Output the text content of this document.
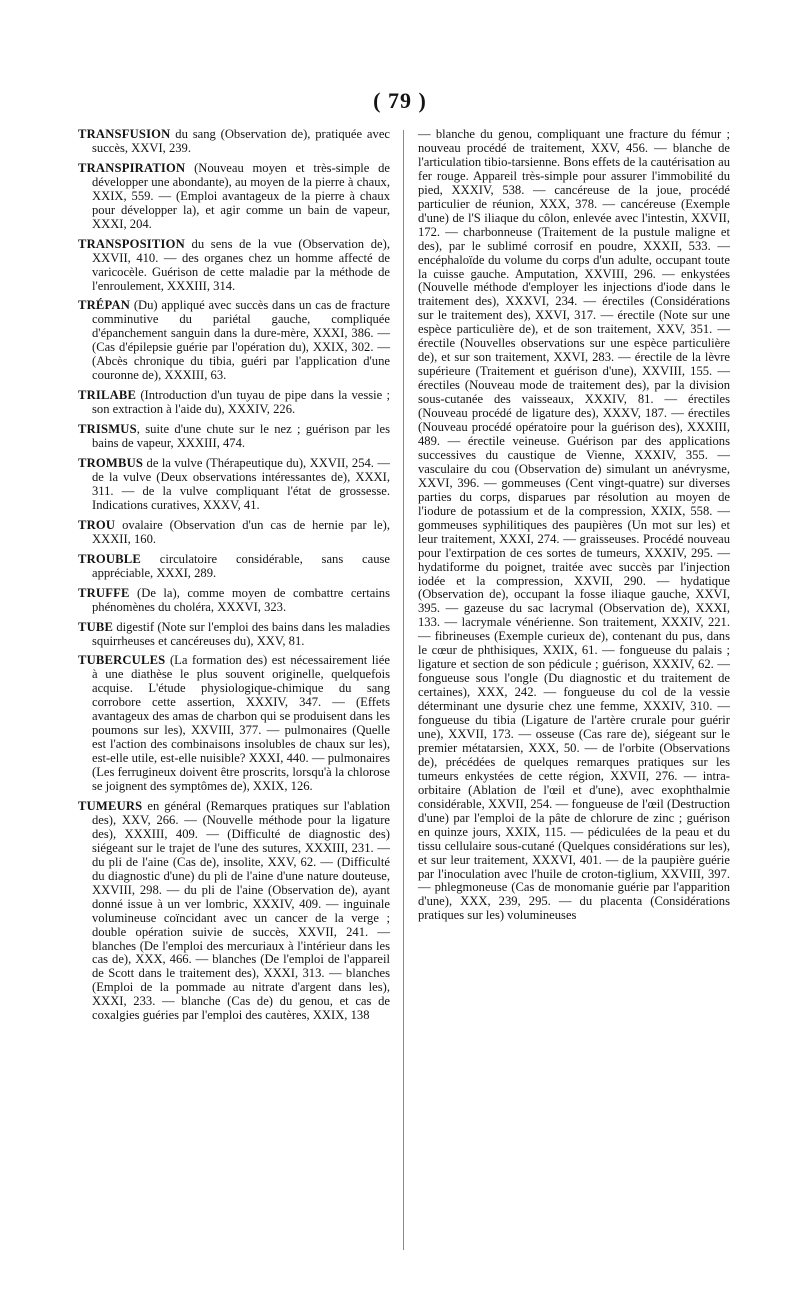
( 79 )

TRANSFUSION du sang (Observation de), pratiquée avec succès, XXVI, 239.

TRANSPIRATION (Nouveau moyen et très-simple de développer une abondante), au moyen de la pierre à chaux, XXIX, 559. — (Emploi avantageux de la pierre à chaux pour développer la), et agir comme un bain de vapeur, XXXI, 204.

TRANSPOSITION du sens de la vue (Observation de), XXVII, 410. — des organes chez un homme affecté de varicocèle. Guérison de cette maladie par la méthode de l'enroulement, XXXIII, 314.

TRÉPAN (Du) appliqué avec succès dans un cas de fracture comminutive du pariétal gauche, compliquée d'épanchement sanguin dans la dure-mère, XXXI, 386. — (Cas d'épilepsie guérie par l'opération du), XXIX, 302. — (Abcès chronique du tibia, guéri par l'application d'une couronne de), XXXIII, 63.

TRILABE (Introduction d'un tuyau de pipe dans la vessie ; son extraction à l'aide du), XXXIV, 226.

TRISMUS, suite d'une chute sur le nez ; guérison par les bains de vapeur, XXXIII, 474.

TROMBUS de la vulve (Thérapeutique du), XXVII, 254. — de la vulve (Deux observations intéressantes de), XXXI, 311. — de la vulve compliquant l'état de grossesse. Indications curatives, XXXV, 41.

TROU ovalaire (Observation d'un cas de hernie par le), XXXII, 160.

TROUBLE circulatoire considérable, sans cause appréciable, XXXI, 289.

TRUFFE (De la), comme moyen de combattre certains phénomènes du choléra, XXXVI, 323.

TUBE digestif (Note sur l'emploi des bains dans les maladies squirrheuses et cancéreuses du), XXV, 81.

TUBERCULES (La formation des) est nécessairement liée à une diathèse le plus souvent originelle, quelquefois acquise. L'étude physiologique-chimique du sang corrobore cette assertion, XXXIV, 347. — (Effets avantageux des amas de charbon qui se produisent dans les poumons sur les), XXVIII, 377. — pulmonaires (Quelle est l'action des combinaisons insolubles de chaux sur les), est-elle utile, est-elle nuisible? XXXI, 440. — pulmonaires (Les ferrugineux doivent être proscrits, lorsqu'à la chlorose se joignent des symptômes de), XXIX, 126.

TUMEURS en général (Remarques pratiques sur l'ablation des), XXV, 266. — (Nouvelle méthode pour la ligature des), XXXIII, 409. — (Difficulté de diagnostic des) siégeant sur le trajet de l'une des sutures, XXXIII, 231. — du pli de l'aine (Cas de), insolite, XXV, 62. — (Difficulté du diagnostic d'une) du pli de l'aine d'une nature douteuse, XXVIII, 298. — du pli de l'aine (Observation de), ayant donné issue à un ver lombric, XXXIV, 409. — inguinale volumineuse coïncidant avec un cancer de la verge ; double opération suivie de succès, XXVII, 241. — blanches (De l'emploi des mercuriaux à l'intérieur dans les cas de), XXX, 466. — blanches (De l'emploi de l'appareil de Scott dans le traitement des), XXXI, 313. — blanches (Emploi de la pommade au nitrate d'argent dans les), XXXI, 233. — blanche (Cas de) du genou, et cas de coxalgies guéries par l'emploi des cautères, XXIX, 138

— blanche du genou, compliquant une fracture du fémur ; nouveau procédé de traitement, XXV, 456. — blanche de l'articulation tibio-tarsienne. Bons effets de la cautérisation au fer rouge. Appareil très-simple pour assurer l'immobilité du pied, XXXIV, 538. — cancéreuse de la joue, procédé particulier de réunion, XXX, 378. — cancéreuse (Exemple d'une) de l'S iliaque du côlon, enlevée avec l'intestin, XXVII, 172. — charbonneuse (Traitement de la pustule maligne et des), par le sublimé corrosif en poudre, XXXII, 533. — encéphaloïde du volume du corps d'un adulte, occupant toute la cuisse gauche. Amputation, XXVIII, 296. — enkystées (Nouvelle méthode d'employer les injections d'iode dans le traitement des), XXXVI, 234. — érectiles (Considérations sur le traitement des), XXVI, 317. — érectile (Note sur une espèce particulière de), et de son traitement, XXV, 351. — érectile (Nouvelles observations sur une espèce particulière de), et sur son traitement, XXVI, 283. — érectile de la lèvre supérieure (Traitement et guérison d'une), XXVIII, 155. — érectiles (Nouveau mode de traitement des), par la division sous-cutanée des vaisseaux, XXXIV, 81. — érectiles (Nouveau procédé de ligature des), XXXV, 187. — érectiles (Nouveau procédé opératoire pour la guérison des), XXXIII, 489. — érectile veineuse. Guérison par des applications successives du caustique de Vienne, XXXIV, 355. — vasculaire du cou (Observation de) simulant un anévrysme, XXVI, 396. — gommeuses (Cent vingt-quatre) sur diverses parties du corps, disparues par résolution au moyen de l'iodure de potassium et de la compression, XXIX, 558. — gommeuses syphilitiques des paupières (Un mot sur les) et leur traitement, XXXI, 274. — graisseuses. Procédé nouveau pour l'extirpation de ces sortes de tumeurs, XXXIV, 295. — hydatiforme du poignet, traitée avec succès par l'injection iodée et la compression, XXVII, 290. — hydatique (Observation de), occupant la fosse iliaque gauche, XXVI, 395. — gazeuse du sac lacrymal (Observation de), XXXI, 133. — lacrymale vénérienne. Son traitement, XXXIV, 221. — fibrineuses (Exemple curieux de), contenant du pus, dans le cœur de phthisiques, XXIX, 61. — fongueuse du palais ; ligature et section de son pédicule ; guérison, XXXIV, 62. — fongueuse sous l'ongle (Du diagnostic et du traitement de certaines), XXX, 242. — fongueuse du col de la vessie déterminant une dysurie chez une femme, XXXIV, 310. — fongueuse du tibia (Ligature de l'artère crurale pour guérir une), XXVII, 173. — osseuse (Cas rare de), siégeant sur le premier métatarsien, XXX, 50. — de l'orbite (Observations de), précédées de quelques remarques pratiques sur les tumeurs enkystées de cette région, XXVII, 276. — intra-orbitaire (Ablation de l'œil et d'une), avec exophthalmie considérable, XXVII, 254. — fongueuse de l'œil (Destruction d'une) par l'emploi de la pâte de chlorure de zinc ; guérison en quinze jours, XXIX, 115. — pédiculées de la peau et du tissu cellulaire sous-cutané (Quelques considérations sur les), et sur leur traitement, XXXVI, 401. — de la paupière guérie par l'inoculation avec l'huile de croton-tiglium, XXVIII, 397. — phlegmoneuse (Cas de monomanie guérie par l'apparition d'une), XXX, 239, 295. — du placenta (Considérations pratiques sur les) volumineuses
